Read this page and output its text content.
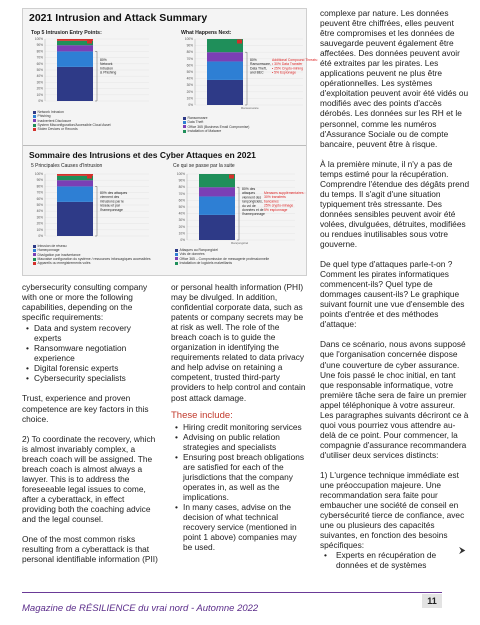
2021 Intrusion and Attack Summary
Top 5 Intrusion Entry Points:	What Happens Next:
100%
90%
80%
70%
60%
50%
40%
30%
20%
10%
0%
80%
Network
Intrusion
& Phishing
100%
90%
80%
70%
60%
50%
40%
30%
20%
10%
0%
80%
Ransomware,
Data Theft,
and BEC
Additional Compound Threats:
• 30% Data Transfer
• 25% Crypto-mining
• 5% Espionage
Ransomware
Network Intrusion
Phishing
Inadvertent Disclosure
System Misconfiguration/Accessible Cloud Asset
Stolen Devices or Records
Ransomware
Data Theft
Office 365 (Business Email Compromise)
Installation of Malware
Sommaire des Intrusions et des Cyber Attaques en 2021
5 Principales Causes d'Intrusion	Ce qui se passe par la suite
100%
90%
80%
70%
60%
50%
40%
30%
20%
10%
0%
80% des attaques
viennent des
intrusions par le
réseau et par
l'hameçonnage
100%
90%
80%
70%
60%
50%
40%
30%
20%
10%
0%
80% des
attaques
viennent des
rançongiciels,
du vol de
données et de
l'hameçonnage
Menaces supplémentaires :
30% transferts
bancaires
25% crypto-minage
5% espionnage
Rançongiciel
Intrusion de réseau
Hameçonnage
Divulgation par inadvertance
Mauvaise configuration du système / ressources infonuagiques accessibles
Appareils ou enregistrements volés
Attaques au Rançongiciel
Vols de données
Office 365 – Compromission de messagerie professionnelle
Installation de logiciels malveillants

cybersecurity consulting company with one or more the following capabilities, depending on the specific requirements:

• Data and system recovery experts
• Ransomware negotiation experience
• Digital forensic experts
• Cybersecurity specialists

Trust, experience and proven competence are key factors in this choice.

2) To coordinate the recovery, which is almost invariably complex, a breach coach will be assigned. The breach coach is almost always a lawyer. This is to address the foreseeable legal issues to come, after a cyberattack, in effect providing both the coaching advice and the legal counsel.

One of the most common risks resulting from a cyberattack is that personal identifiable information (PII)

or personal health information (PHI) may be divulged. In addition, confidential corporate data, such as patents or company secrets may be at risk as well. The role of the breach coach is to guide the organization in identifying the requirements related to data privacy and help advise on retaining a competent, trusted third-party providers to help control and contain post attack damage.

These include:
• Hiring credit monitoring services
• Advising on public relation strategies and specialists
• Ensuring post breach obligations are satisfied for each of the jurisdictions that the company operates in, as well as the implications.
• In many cases, advise on the decision of what technical recovery service (mentioned in point 1 above) companies may be used.

complexe par nature. Les données peuvent être chiffrées, elles peuvent être compromises et les données de sauvegarde peuvent également être affectées. Des données peuvent avoir été extraites par les pirates. Les applications peuvent ne plus être opérationnelles. Les systèmes d'exploitation peuvent avoir été vidés ou modifiés avec des points d'accès dérobés. Les données sur les RH et le personnel, comme les numéros d'Assurance Sociale ou de compte bancaire, peuvent être à risque.

À la première minute, il n'y a pas de temps estimé pour la récupération. Comprendre l'étendue des dégâts prend du temps. Il s'agit d'une situation typiquement très stressante. Des données sensibles peuvent avoir été volées, divulguées, détruites, modifiées ou rendues inutilisables sous votre gouverne.

De quel type d'attaques parle-t-on ? Comment les pirates informatiques commencent-ils? Quel type de dommages causent-ils? Le graphique suivant fournit une vue d'ensemble des points d'entrée et des méthodes d'attaque:

Dans ce scénario, nous avons supposé que l'organisation concernée dispose d'une couverture de cyber assurance. Une fois passé le choc initial, en tant que responsable informatique, votre première tâche sera de faire un premier appel téléphonique à votre assureur. Les paragraphes suivants décriront ce à quoi vous pourriez vous attendre au-delà de ce point. Pour commencer, la compagnie d'assurance recommandera d'utiliser deux services distincts:

1) L'urgence technique immédiate est une préoccupation majeure. Une recommandation sera faite pour embaucher une société de conseil en cybersécurité tierce de confiance, avec une ou plusieurs des capacités suivantes, en fonction des besoins spécifiques:

• Experts en récupération de données et de systèmes
⮞
Magazine de RÉSILIENCE du vrai nord - Automne 2022
11
